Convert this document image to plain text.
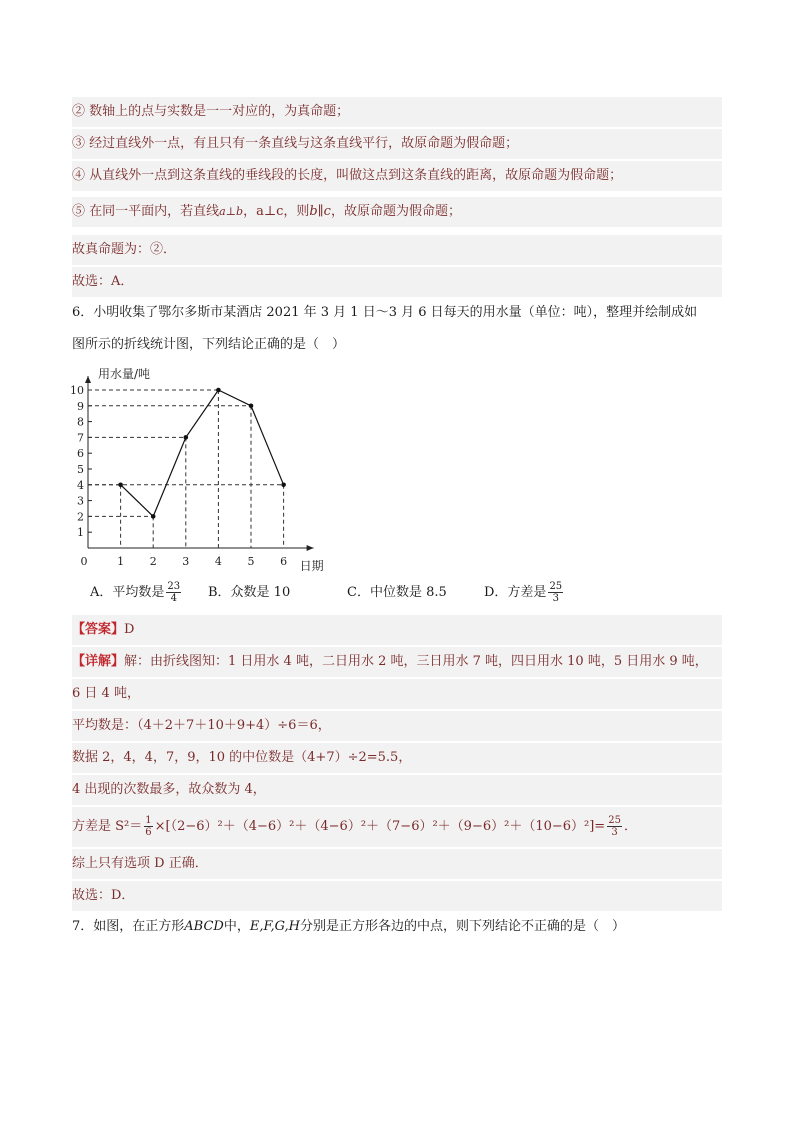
② 数轴上的点与实数是一一对应的，为真命题；
③ 经过直线外一点，有且只有一条直线与这条直线平行，故原命题为假命题；
④ 从直线外一点到这条直线的垂线段的长度，叫做这点到这条直线的距离，故原命题为假命题；
⑤ 在同一平面内，若直线a⊥b，a⊥c，则b∥c，故原命题为假命题；
故真命题为：②．
故选：A．
6．小明收集了鄂尔多斯市某酒店 2021 年 3 月 1 日～3 月 6 日每天的用水量（单位：吨），整理并绘制成如
图所示的折线统计图，下列结论正确的是（　）
用水量/吨
日期
1
2
3
4
5
6
7
8
9
10
0	1 2 3 4 5 6
A．平均数是 $\frac{23}{4}$ B．众数是 10	C．中位数是 8.5	D．方差是 $\frac{25}{3}$
【答案】D
【详解】解：由折线图知：1 日用水 4 吨，二日用水 2 吨，三日用水 7 吨，四日用水 10 吨，5 日用水 9 吨，
6 日 4 吨，
平均数是：（4＋2＋7＋10＋9+4）÷6＝6，
数据 2，4，4，7，9，10 的中位数是（4+7）÷2=5.5，
4 出现的次数最多，故众数为 4，
方差是 $S^2= \frac{1}{6} \times[(2-6)^2+(4-6)^2+(4-6)^2+(7-6)^2+(9-6)^2+(10-6)^2]= \frac{25}{3}$ ．
综上只有选项 D 正确．
故选：D．
7．如图，在正方形ABCD中，E,F,G,H分别是正方形各边的中点，则下列结论不正确的是（　）
